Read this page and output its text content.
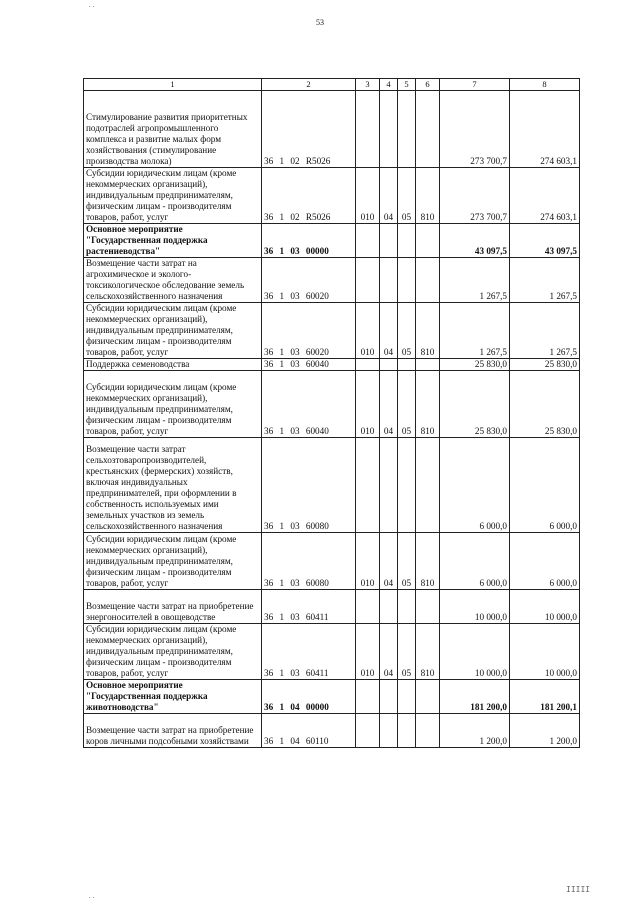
..
53
1	2	3	4	5	6	7	8
Стимулирование развития приоритетных подотраслей агропромышленного комплекса и развитие малых форм хозяйствования (стимулирование производства молока)	36 1 02 R5026					273 700,7	274 603,1
Субсидии юридическим лицам (кроме некоммерческих организаций), индивидуальным предпринимателям, физическим лицам - производителям товаров, работ, услуг	36 1 02 R5026	010	04	05	810	273 700,7	274 603,1
Основное мероприятие "Государственная поддержка растениеводства"	36 1 03 00000					43 097,5	43 097,5
Возмещение части затрат на агрохимическое и эколого-токсикологическое обследование земель сельскохозяйственного назначения	36 1 03 60020					1 267,5	1 267,5
Субсидии юридическим лицам (кроме некоммерческих организаций), индивидуальным предпринимателям, физическим лицам - производителям товаров, работ, услуг	36 1 03 60020	010	04	05	810	1 267,5	1 267,5
Поддержка семеноводства	36 1 03 60040					25 830,0	25 830,0
Субсидии юридическим лицам (кроме некоммерческих организаций), индивидуальным предпринимателям, физическим лицам - производителям товаров, работ, услуг	36 1 03 60040	010	04	05	810	25 830,0	25 830,0
Возмещение части затрат сельхозтоваропроизводителей, крестьянских (фермерских) хозяйств, включая индивидуальных предпринимателей, при оформлении в собственность используемых ими земельных участков из земель сельскохозяйственного назначения	36 1 03 60080					6 000,0	6 000,0
Субсидии юридическим лицам (кроме некоммерческих организаций), индивидуальным предпринимателям, физическим лицам - производителям товаров, работ, услуг	36 1 03 60080	010	04	05	810	6 000,0	6 000,0
Возмещение части затрат на приобретение энергоносителей в овощеводстве	36 1 03 60411					10 000,0	10 000,0
Субсидии юридическим лицам (кроме некоммерческих организаций), индивидуальным предпринимателям, физическим лицам - производителям товаров, работ, услуг	36 1 03 60411	010	04	05	810	10 000,0	10 000,0
Основное мероприятие "Государственная поддержка животноводства"	36 1 04 00000					181 200,0	181 200,1
Возмещение части затрат на приобретение коров личными подсобными хозяйствами	36 1 04 60110					1 200,0	1 200,0
..
IIIII
